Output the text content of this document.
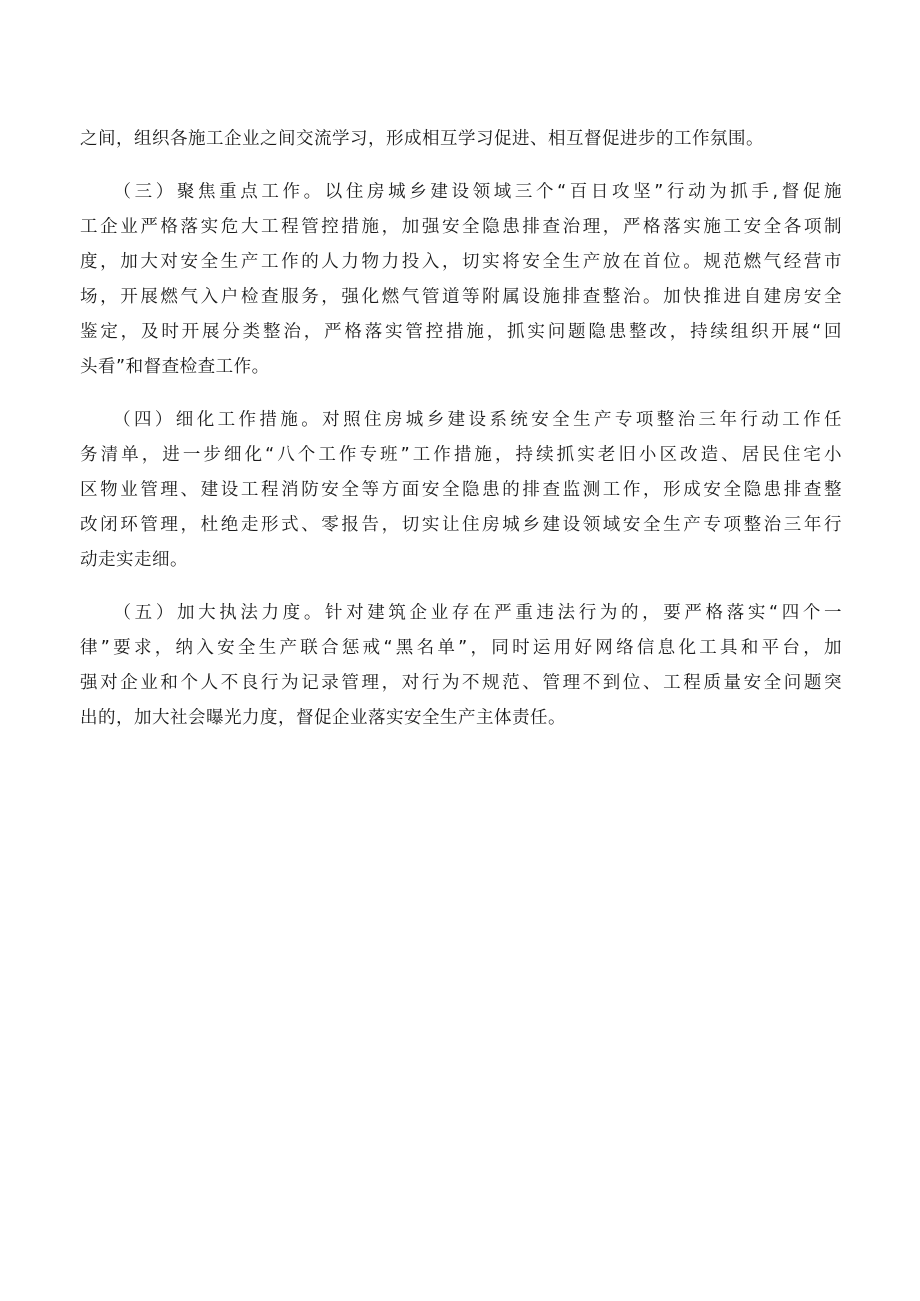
之间，组织各施工企业之间交流学习，形成相互学习促进、相互督促进步的工作氛围。
　　（三）聚焦重点工作。以住房城乡建设领域三个“百日攻坚”行动为抓手,督促施
工企业严格落实危大工程管控措施，加强安全隐患排查治理，严格落实施工安全各项制
度，加大对安全生产工作的人力物力投入，切实将安全生产放在首位。规范燃气经营市
场，开展燃气入户检查服务，强化燃气管道等附属设施排查整治。加快推进自建房安全
鉴定，及时开展分类整治，严格落实管控措施，抓实问题隐患整改，持续组织开展“回
头看”和督查检查工作。
　　（四）细化工作措施。对照住房城乡建设系统安全生产专项整治三年行动工作任
务清单，进一步细化“八个工作专班”工作措施，持续抓实老旧小区改造、居民住宅小
区物业管理、建设工程消防安全等方面安全隐患的排查监测工作，形成安全隐患排查整
改闭环管理，杜绝走形式、零报告，切实让住房城乡建设领域安全生产专项整治三年行
动走实走细。
　　（五）加大执法力度。针对建筑企业存在严重违法行为的，要严格落实“四个一
律”要求，纳入安全生产联合惩戒“黑名单”，同时运用好网络信息化工具和平台，加
强对企业和个人不良行为记录管理，对行为不规范、管理不到位、工程质量安全问题突
出的，加大社会曝光力度，督促企业落实安全生产主体责任。
